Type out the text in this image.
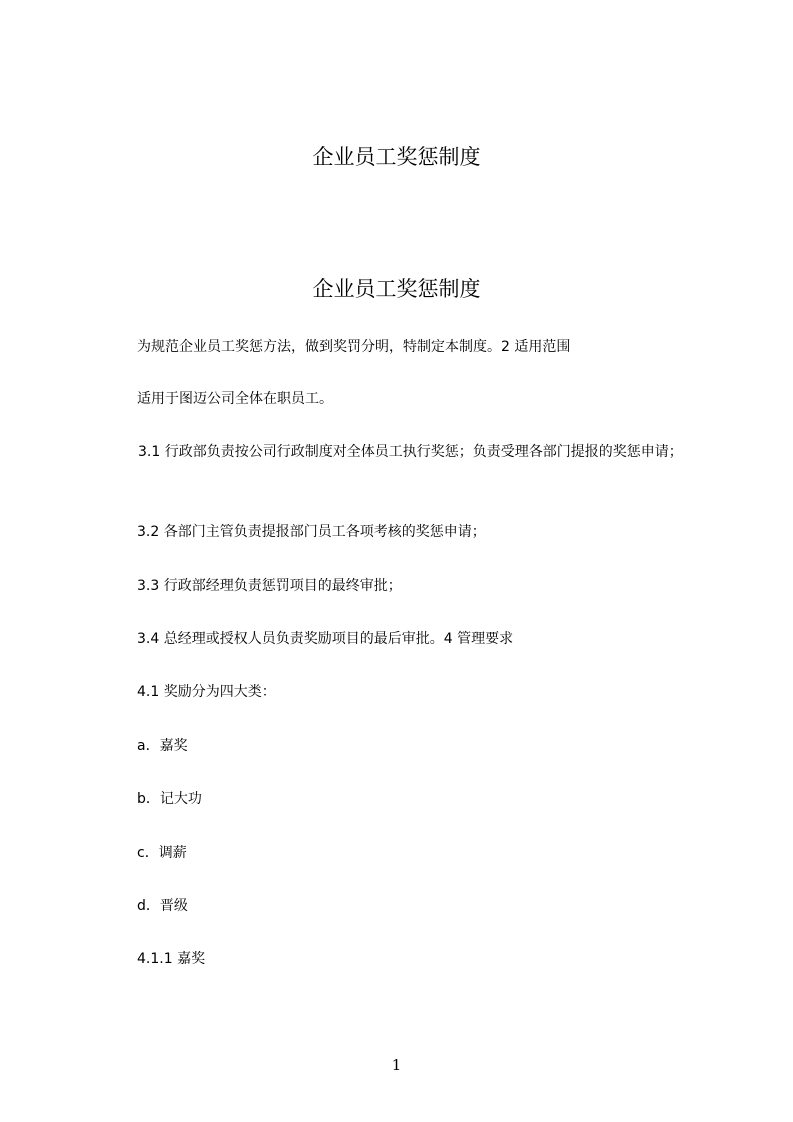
企业员工奖惩制度
企业员工奖惩制度
为规范企业员工奖惩方法，做到奖罚分明，特制定本制度。2 适用范围
适用于图迈公司全体在职员工。
3.1 行政部负责按公司行政制度对全体员工执行奖惩；负责受理各部门提报的奖惩申请；
3.2 各部门主管负责提报部门员工各项考核的奖惩申请；
3.3 行政部经理负责惩罚项目的最终审批；
3.4 总经理或授权人员负责奖励项目的最后审批。4 管理要求
4.1 奖励分为四大类：
a．嘉奖
b．记大功
c．调薪
d．晋级
4.1.1 嘉奖
1
